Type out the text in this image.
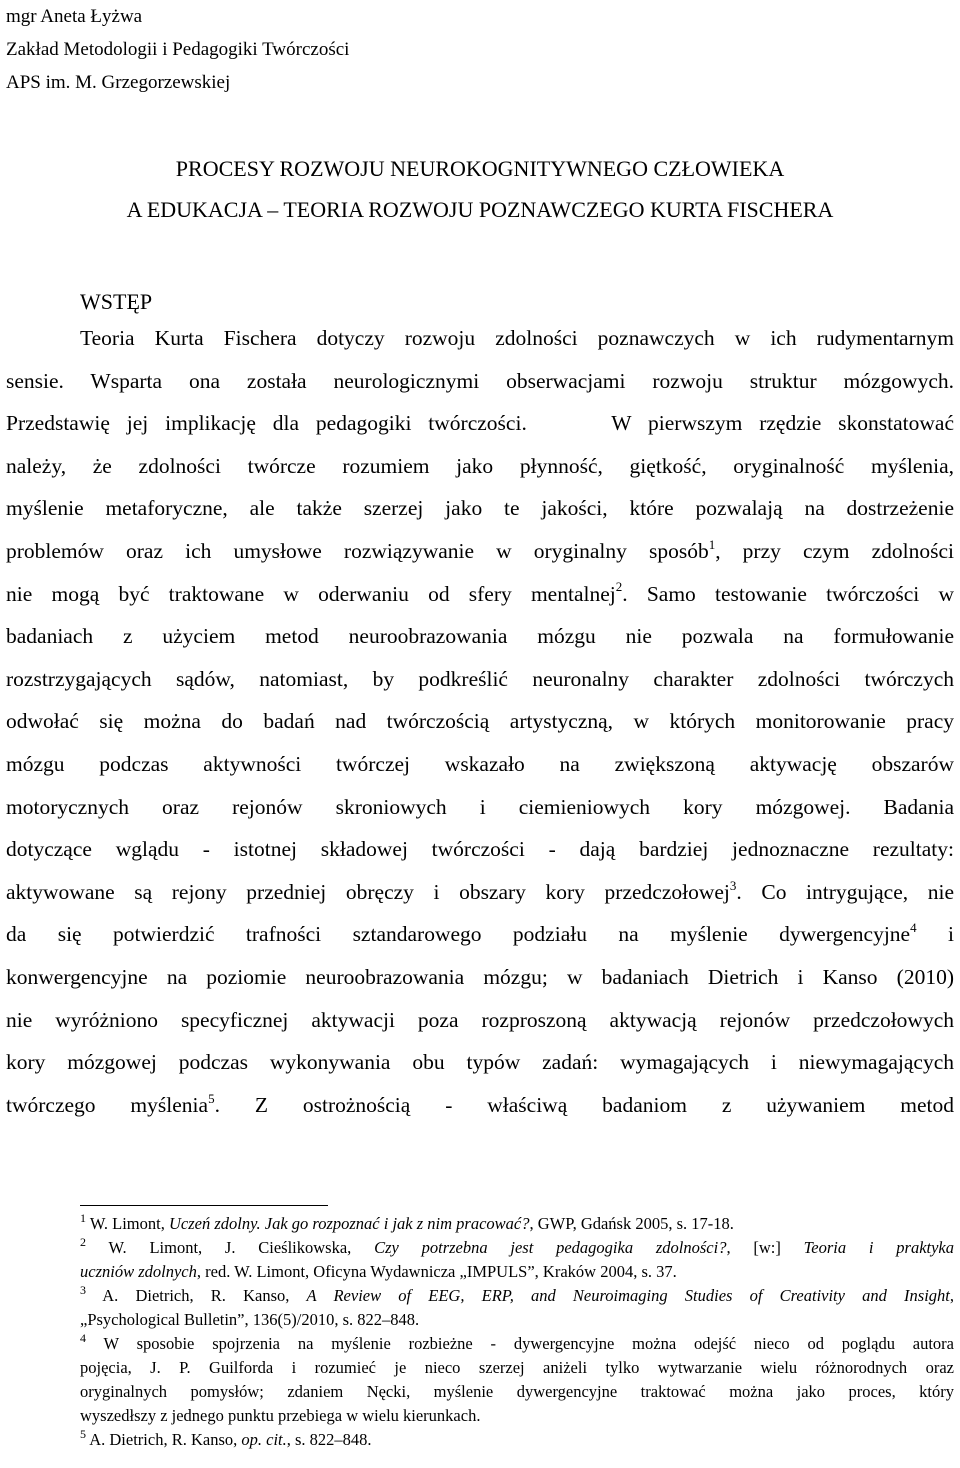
mgr Aneta Łyżwa
Zakład Metodologii i Pedagogiki Twórczości
APS im. M. Grzegorzewskiej
PROCESY ROZWOJU NEUROKOGNITYWNEGO CZŁOWIEKA
A EDUKACJA – TEORIA ROZWOJU POZNAWCZEGO KURTA FISCHERA
WSTĘP
Teoria Kurta Fischera dotyczy rozwoju zdolności poznawczych w ich rudymentarnym
sensie. Wsparta ona została neurologicznymi obserwacjami rozwoju struktur mózgowych.
Przedstawię jej implikację dla pedagogiki twórczości.	W pierwszym rzędzie skonstatować
należy, że zdolności twórcze rozumiem jako płynność, giętkość, oryginalność myślenia,
myślenie metaforyczne, ale także szerzej jako te jakości, które pozwalają na dostrzeżenie
problemów oraz ich umysłowe rozwiązywanie w oryginalny sposób$^1$, przy czym zdolności
nie mogą być traktowane w oderwaniu od sfery mentalnej$^2$. Samo testowanie twórczości w
badaniach z użyciem metod neuroobrazowania mózgu nie pozwala na formułowanie
rozstrzygających sądów, natomiast, by podkreślić neuronalny charakter zdolności twórczych
odwołać się można do badań nad twórczością artystyczną, w których monitorowanie pracy
mózgu podczas aktywności twórczej wskazało na zwiększoną aktywację obszarów
motorycznych oraz rejonów skroniowych i ciemieniowych kory mózgowej. Badania
dotyczące wglądu - istotnej składowej twórczości - dają bardziej jednoznaczne rezultaty:
aktywowane są rejony przedniej obręczy i obszary kory przedczołowej$^3$. Co intrygujące, nie
da się potwierdzić trafności sztandarowego podziału na myślenie dywergencyjne$^4$ i
konwergencyjne na poziomie neuroobrazowania mózgu; w badaniach Dietrich i Kanso (2010)
nie wyróżniono specyficznej aktywacji poza rozproszoną aktywacją rejonów przedczołowych
kory mózgowej podczas wykonywania obu typów zadań: wymagających i niewymagających
twórczego myślenia$^5$. Z ostrożnością - właściwą badaniom z używaniem metod
$^1$ W. Limont, Uczeń zdolny. Jak go rozpoznać i jak z nim pracować?, GWP, Gdańsk 2005, s. 17-18.
$^2$ W. Limont, J. Cieślikowska, Czy potrzebna jest pedagogika zdolności?, [w:] Teoria i praktyka
uczniów zdolnych, red. W. Limont, Oficyna Wydawnicza „IMPULS”, Kraków 2004, s. 37.
$^3$ A. Dietrich, R. Kanso, A Review of EEG, ERP, and Neuroimaging Studies of Creativity and Insight,
„Psychological Bulletin”, 136(5)/2010, s. 822–848.
$^4$ W sposobie spojrzenia na myślenie rozbieżne - dywergencyjne można odejść nieco od poglądu autora
pojęcia, J. P. Guilforda i rozumieć je nieco szerzej aniżeli tylko wytwarzanie wielu różnorodnych oraz
oryginalnych pomysłów; zdaniem Nęcki, myślenie dywergencyjne traktować można jako proces, który
wyszedłszy z jednego punktu przebiega w wielu kierunkach.
$^5$ A. Dietrich, R. Kanso, op. cit., s. 822–848.
